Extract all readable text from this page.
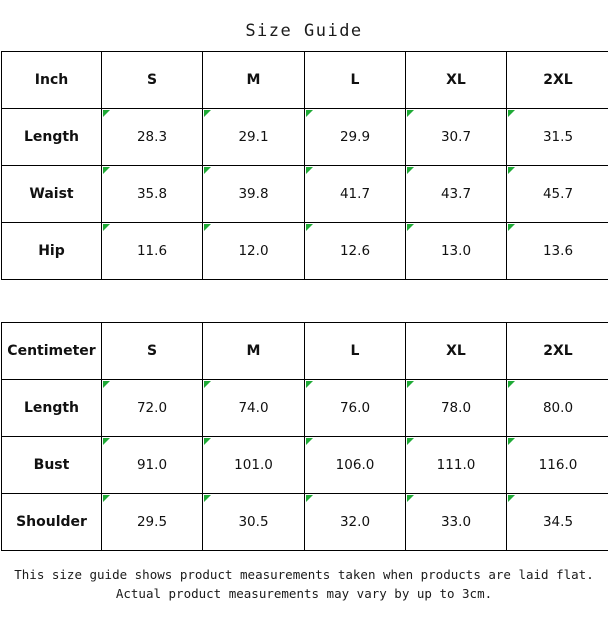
Size Guide
Inch	S	M	L	XL	2XL
Length	28.3	29.1	29.9	30.7	31.5
Waist	35.8	39.8	41.7	43.7	45.7
Hip	11.6	12.0	12.6	13.0	13.6
Centimeter	S	M	L	XL	2XL
Length	72.0	74.0	76.0	78.0	80.0
Bust	91.0	101.0	106.0	111.0	116.0
Shoulder	29.5	30.5	32.0	33.0	34.5
This size guide shows product measurements taken when products are laid flat. Actual product measurements may vary by up to 3cm.
